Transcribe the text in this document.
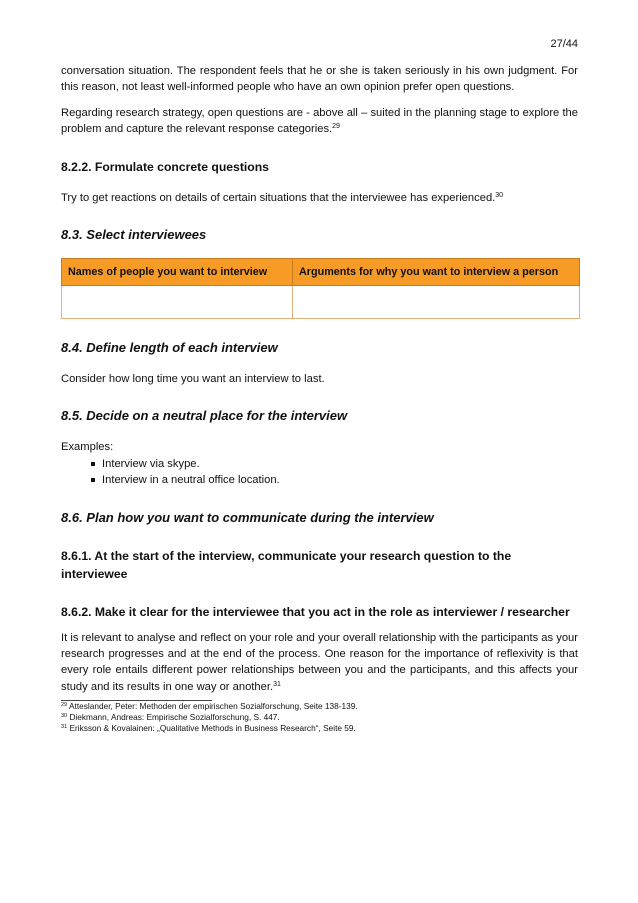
27/44

conversation situation. The respondent feels that he or she is taken seriously in his own judgment. For this reason, not least well-informed people who have an own opinion prefer open questions.

Regarding research strategy, open questions are - above all – suited in the planning stage to explore the problem and capture the relevant response categories.$^{29}$

8.2.2. Formulate concrete questions

Try to get reactions on details of certain situations that the interviewee has experienced.$^{30}$

8.3. Select interviewees
Names of people you want to interview	Arguments for why you want to interview a person

8.4. Define length of each interview

Consider how long time you want an interview to last.

8.5. Decide on a neutral place for the interview

Examples:

Interview via skype.
Interview in a neutral office location.
8.6. Plan how you want to communicate during the interview
8.6.1. At the start of the interview, communicate your research question to the interviewee
8.6.2. Make it clear for the interviewee that you act in the role as interviewer / researcher

It is relevant to analyse and reflect on your role and your overall relationship with the participants as your research progresses and at the end of the process. One reason for the importance of reflexivity is that every role entails different power relationships between you and the participants, and this affects your study and its results in one way or another.$^{31}$

$^{29}$ Atteslander, Peter: Methoden der empirischen Sozialforschung, Seite 138-139.
$^{30}$ Diekmann, Andreas: Empirische Sozialforschung, S. 447.
$^{31}$ Eriksson & Kovalainen: „Qualitative Methods in Business Research“, Seite 59.
